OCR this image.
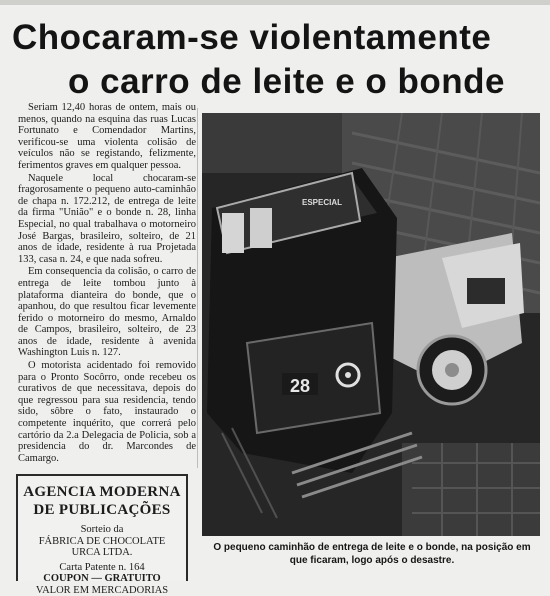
Chocaram-se violentamente
o carro de leite e o bonde

Seriam 12,40 horas de ontem, mais ou menos, quando na esquina das ruas Lucas Fortunato e Comendador Martins, verificou-se uma violenta colisão de veículos não se registando, felizmente, ferimentos graves em qualquer pessoa.

Naquele local chocaram-se fragorosamente o pequeno auto-caminhão de chapa n. 172.212, de entrega de leite da firma "União" e o bonde n. 28, linha Especial, no qual trabalhava o motorneiro José Bargas, brasileiro, solteiro, de 21 anos de idade, residente à rua Projetada 133, casa n. 24, e que nada sofreu.

Em consequencia da colisão, o carro de entrega de leite tombou junto à plataforma dianteira do bonde, que o apanhou, do que resultou ficar levemente ferido o motorneiro do mesmo, Arnaldo de Campos, brasileiro, solteiro, de 23 anos de idade, residente à avenida Washington Luis n. 127.

O motorista acidentado foi removido para o Pronto Socôrro, onde recebeu os curativos de que necessitava, depois do que regressou para sua residencia, tendo sido, sôbre o fato, instaurado o competente inquérito, que correrá pelo cartório da 2.a Delegacia de Policia, sob a presidencia do dr. Marcondes de Camargo.

ESPECIAL
28
O pequeno caminhão de entrega de leite e o bonde, na posição em que ficaram, logo após o desastre.
AGENCIA MODERNA
DE PUBLICAÇÕES
Sorteio da
FÁBRICA DE CHOCOLATE
URCA LTDA.
Carta Patente n. 164
COUPON — GRATUITO
VALOR EM MERCADORIAS
